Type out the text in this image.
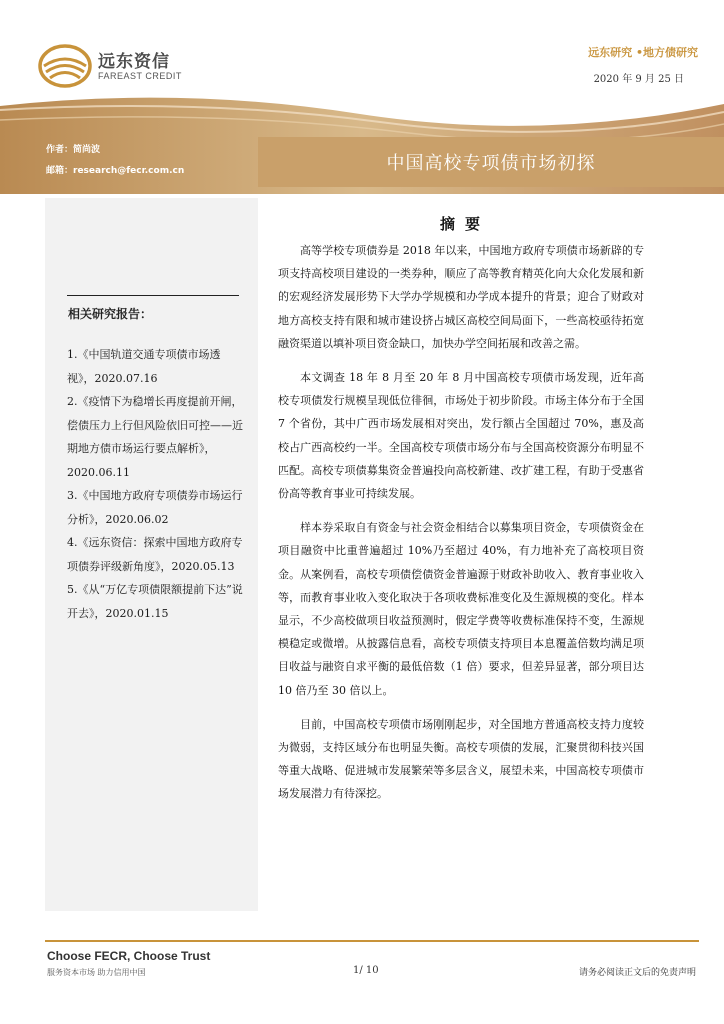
远东资信
FAREAST CREDIT
远东研究 •地方债研究
2020 年 9 月 25 日
作者：简尚波
邮箱：research@fecr.com.cn	中国高校专项债市场初探
相关研究报告：

1.《中国轨道交通专项债市场透视》，2020.07.16

2.《疫情下为稳增长再度提前开闸，偿债压力上行但风险依旧可控——近期地方债市场运行要点解析》，2020.06.11

3.《中国地方政府专项债券市场运行分析》，2020.06.02

4.《远东资信：探索中国地方政府专项债券评级新角度》，2020.05.13

5.《从“万亿专项债限额提前下达”说开去》，2020.01.15

摘要

高等学校专项债券是 2018 年以来，中国地方政府专项债市场新辟的专项支持高校项目建设的一类券种，顺应了高等教育精英化向大众化发展和新的宏观经济发展形势下大学办学规模和办学成本提升的背景；迎合了财政对地方高校支持有限和城市建设挤占城区高校空间局面下，一些高校亟待拓宽融资渠道以填补项目资金缺口，加快办学空间拓展和改善之需。

本文调查 18 年 8 月至 20 年 8 月中国高校专项债市场发现，近年高校专项债发行规模呈现低位徘徊，市场处于初步阶段。市场主体分布于全国 7 个省份，其中广西市场发展相对突出，发行额占全国超过 70%，惠及高校占广西高校约一半。全国高校专项债市场分布与全国高校资源分布明显不匹配。高校专项债募集资金普遍投向高校新建、改扩建工程，有助于受惠省份高等教育事业可持续发展。

样本券采取自有资金与社会资金相结合以募集项目资金，专项债资金在项目融资中比重普遍超过 10%乃至超过 40%，有力地补充了高校项目资金。从案例看，高校专项债偿债资金普遍源于财政补助收入、教育事业收入等，而教育事业收入变化取决于各项收费标准变化及生源规模的变化。样本显示，不少高校做项目收益预测时，假定学费等收费标准保持不变，生源规模稳定或微增。从披露信息看，高校专项债支持项目本息覆盖倍数均满足项目收益与融资自求平衡的最低倍数（1 倍）要求，但差异显著，部分项目达 10 倍乃至 30 倍以上。

目前，中国高校专项债市场刚刚起步，对全国地方普通高校支持力度较为微弱，支持区域分布也明显失衡。高校专项债的发展，汇聚贯彻科技兴国等重大战略、促进城市发展繁荣等多层含义，展望未来，中国高校专项债市场发展潜力有待深挖。

Choose FECR, Choose Trust
服务资本市场 助力信用中国	1/ 10	请务必阅读正文后的免责声明
